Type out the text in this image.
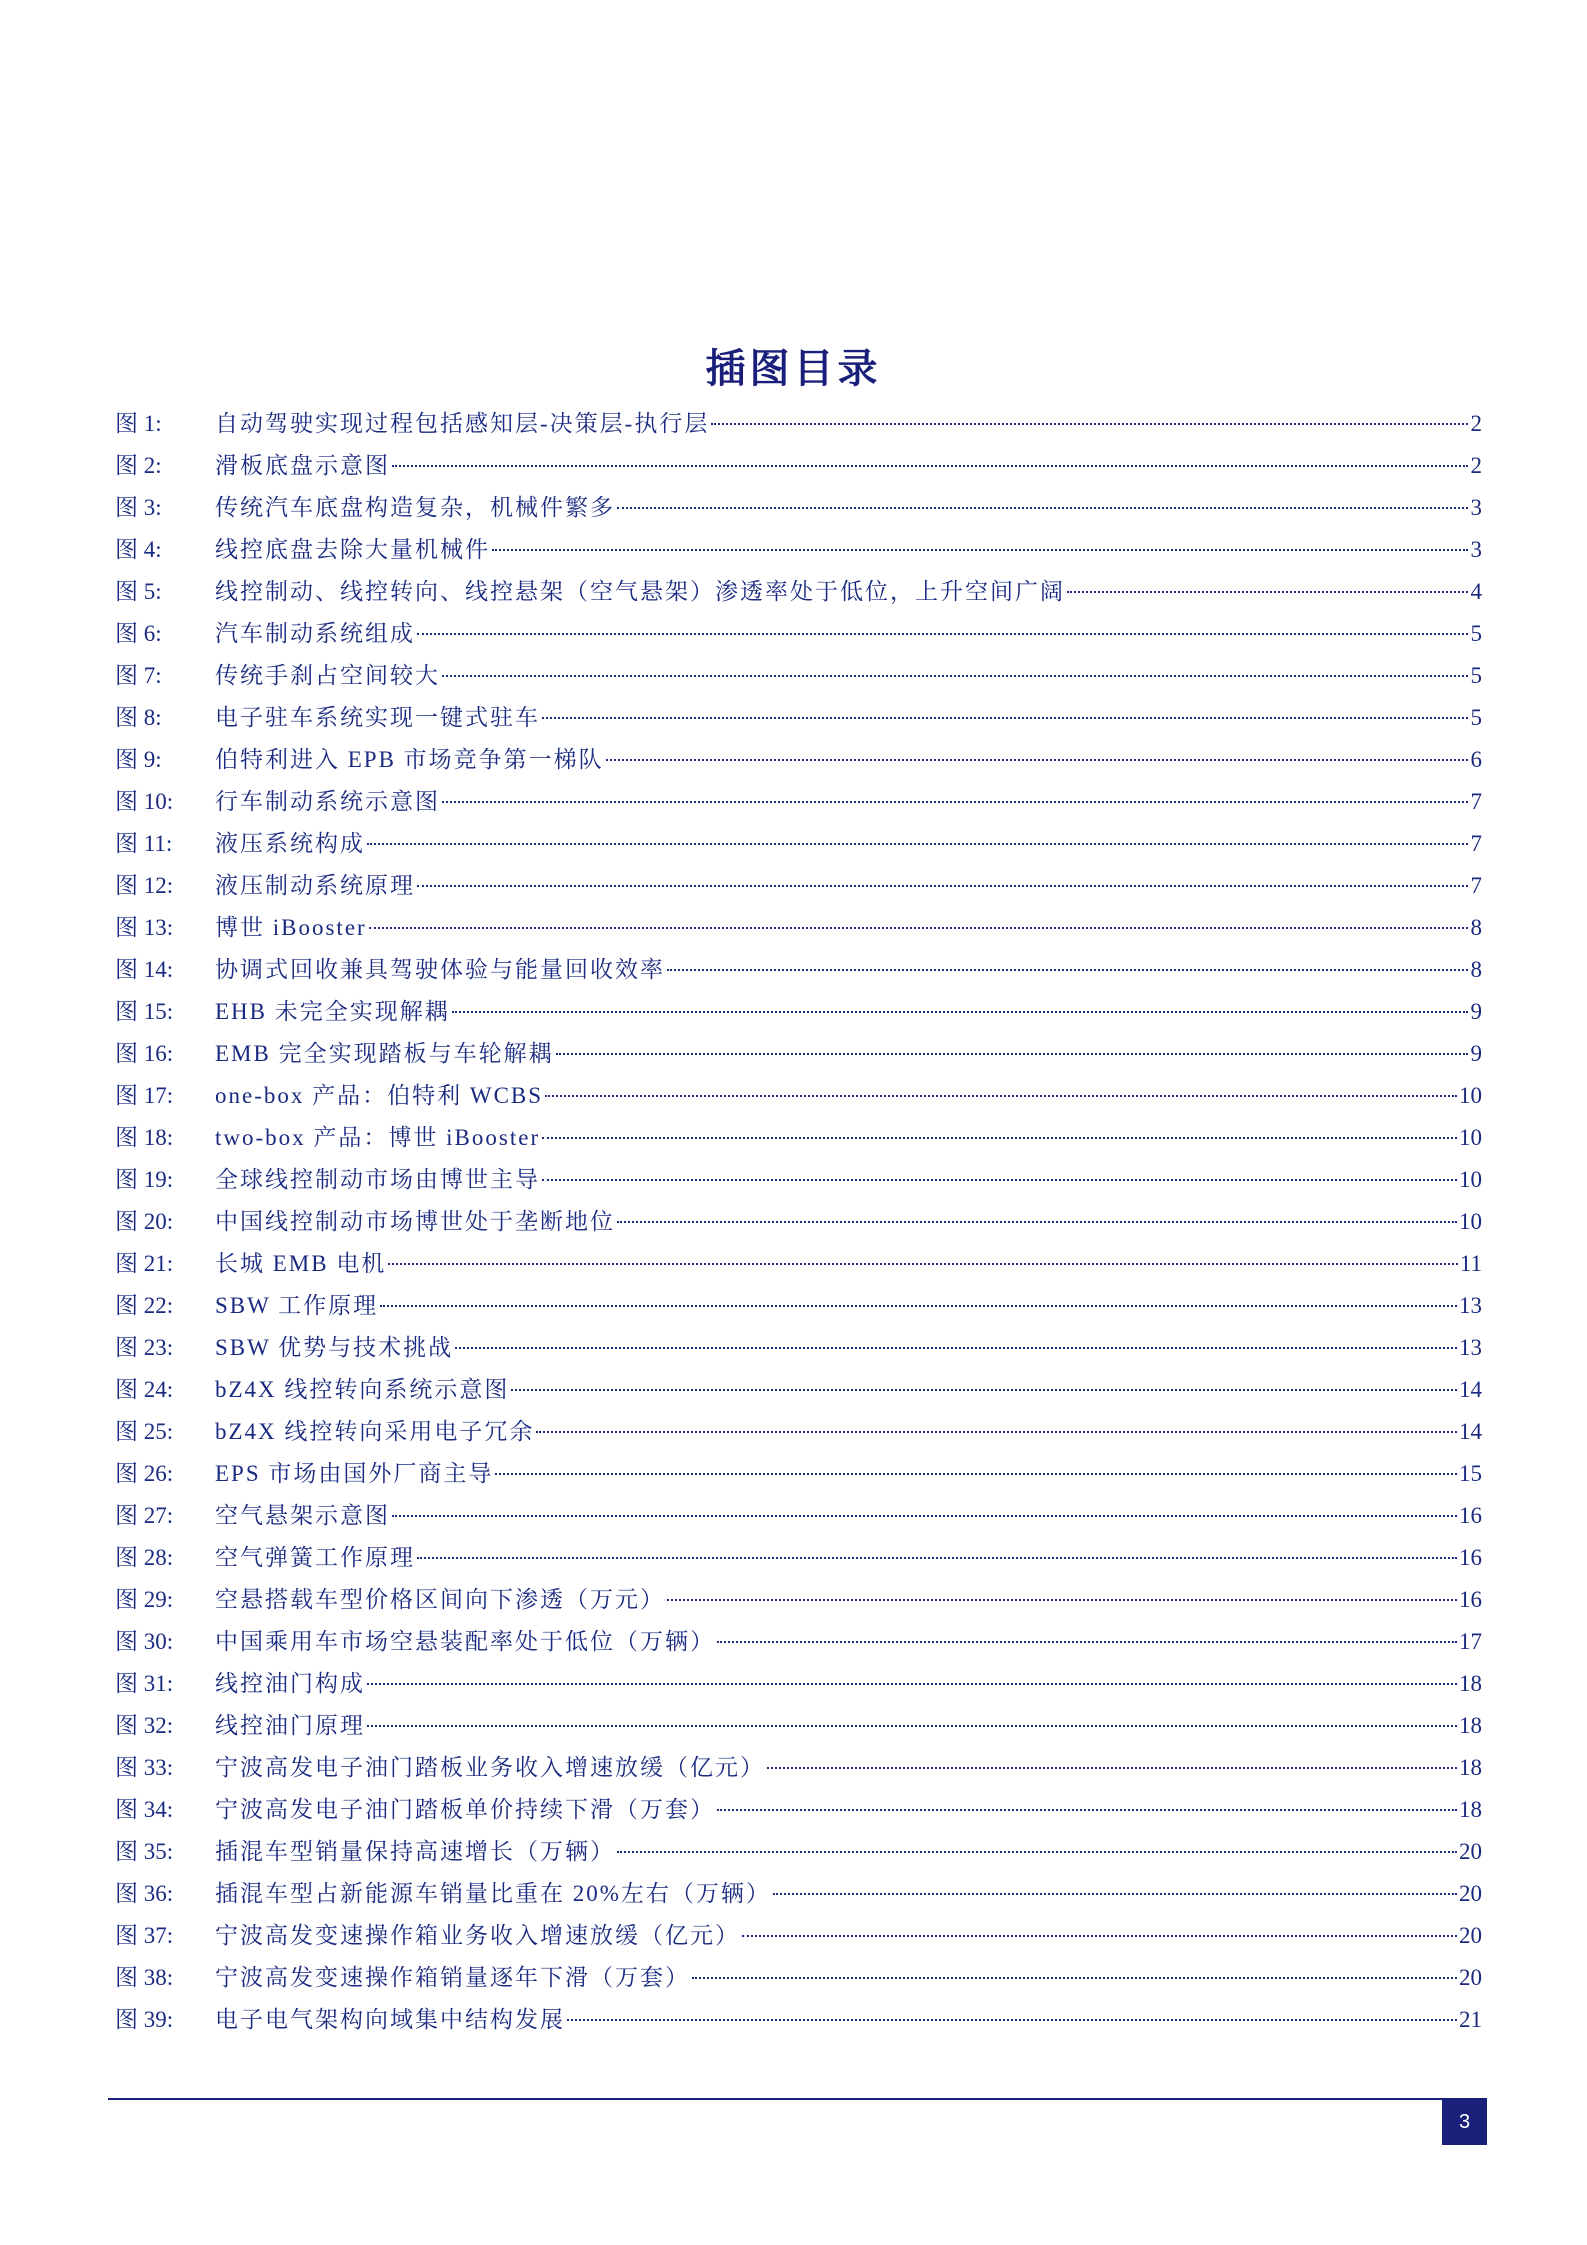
插图目录
图 1:	自动驾驶实现过程包括感知层-决策层-执行层	2
图 2:	滑板底盘示意图	2
图 3:	传统汽车底盘构造复杂，机械件繁多	3
图 4:	线控底盘去除大量机械件	3
图 5:	线控制动、线控转向、线控悬架（空气悬架）渗透率处于低位，上升空间广阔	4
图 6:	汽车制动系统组成	5
图 7:	传统手刹占空间较大	5
图 8:	电子驻车系统实现一键式驻车	5
图 9:	伯特利进入 EPB 市场竞争第一梯队	6
图 10:	行车制动系统示意图	7
图 11:	液压系统构成	7
图 12:	液压制动系统原理	7
图 13:	博世 iBooster	8
图 14:	协调式回收兼具驾驶体验与能量回收效率	8
图 15:	EHB 未完全实现解耦	9
图 16:	EMB 完全实现踏板与车轮解耦	9
图 17:	one-box 产品：伯特利 WCBS	10
图 18:	two-box 产品：博世 iBooster	10
图 19:	全球线控制动市场由博世主导	10
图 20:	中国线控制动市场博世处于垄断地位	10
图 21:	长城 EMB 电机	11
图 22:	SBW 工作原理	13
图 23:	SBW 优势与技术挑战	13
图 24:	bZ4X 线控转向系统示意图	14
图 25:	bZ4X 线控转向采用电子冗余	14
图 26:	EPS 市场由国外厂商主导	15
图 27:	空气悬架示意图	16
图 28:	空气弹簧工作原理	16
图 29:	空悬搭载车型价格区间向下渗透（万元）	16
图 30:	中国乘用车市场空悬装配率处于低位（万辆）	17
图 31:	线控油门构成	18
图 32:	线控油门原理	18
图 33:	宁波高发电子油门踏板业务收入增速放缓（亿元）	18
图 34:	宁波高发电子油门踏板单价持续下滑（万套）	18
图 35:	插混车型销量保持高速增长（万辆）	20
图 36:	插混车型占新能源车销量比重在 20%左右（万辆）	20
图 37:	宁波高发变速操作箱业务收入增速放缓（亿元）	20
图 38:	宁波高发变速操作箱销量逐年下滑（万套）	20
图 39:	电子电气架构向域集中结构发展	21
3
